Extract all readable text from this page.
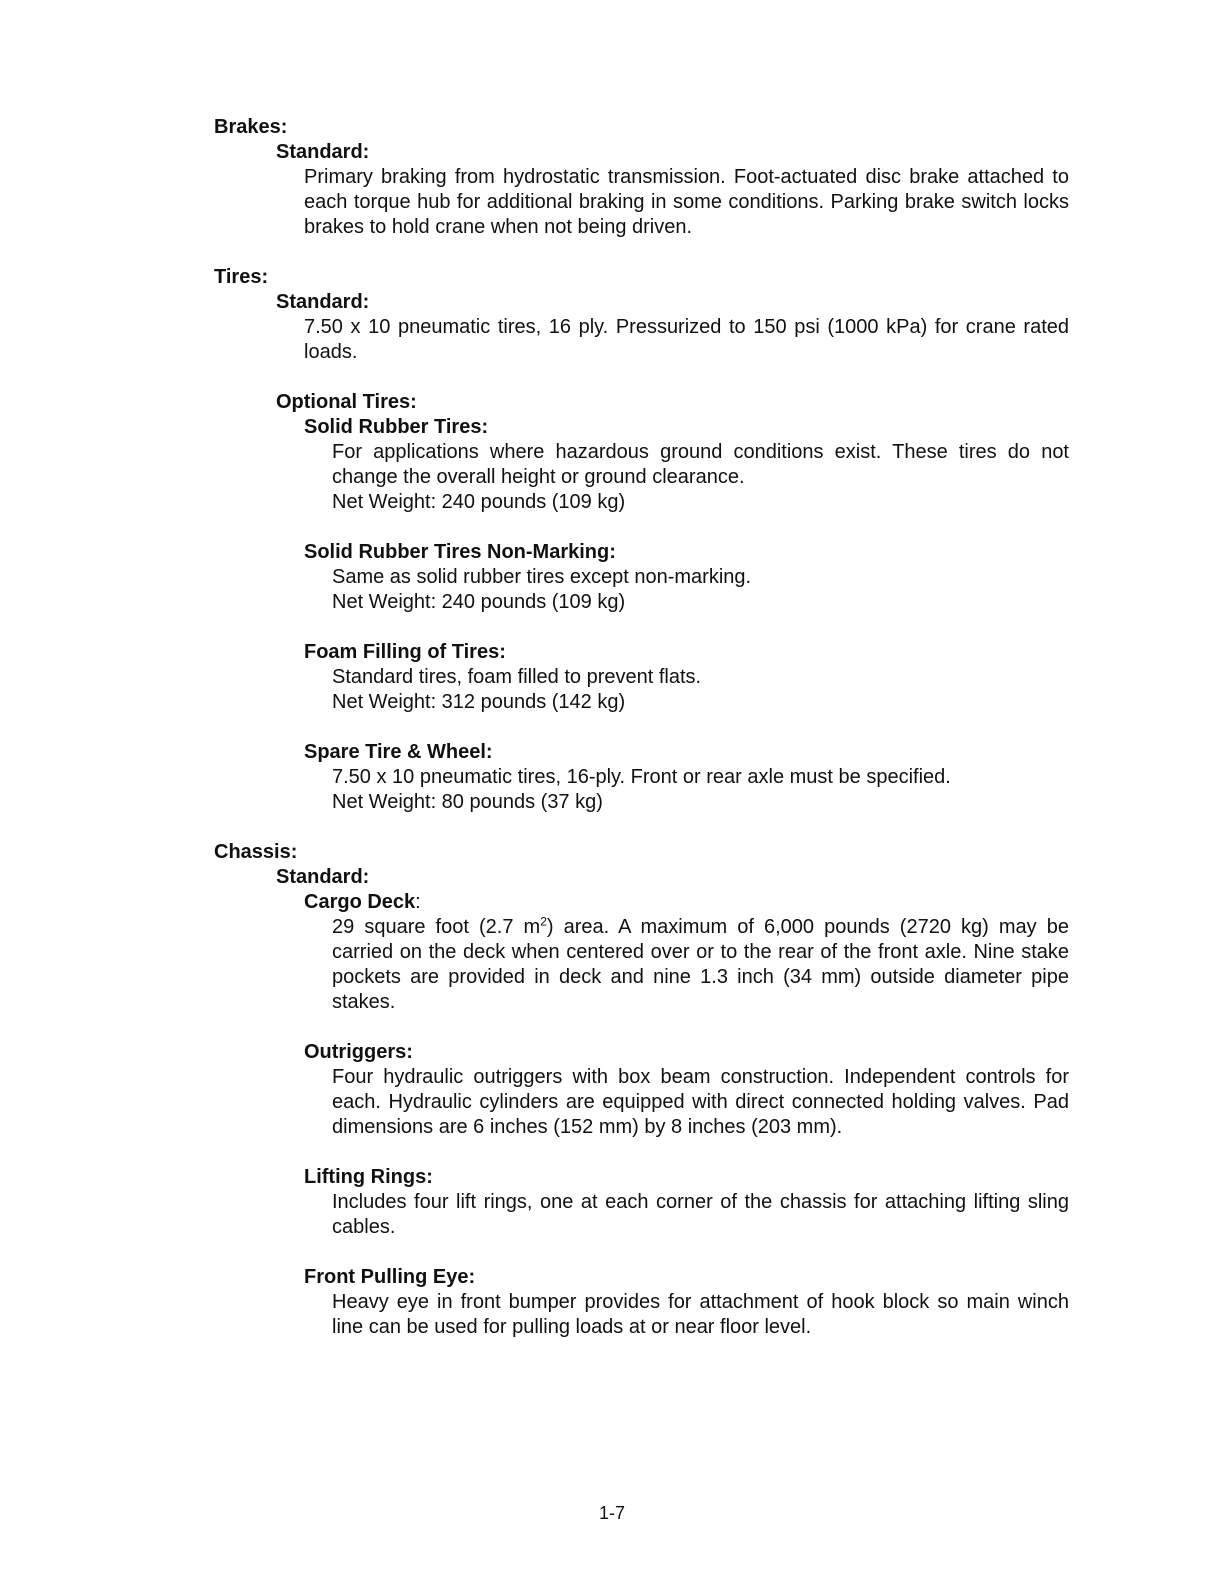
Brakes:

Standard:

Primary braking from hydrostatic transmission. Foot-actuated disc brake attached to each torque hub for additional braking in some conditions. Parking brake switch locks brakes to hold crane when not being driven.

Tires:

Standard:

7.50 x 10 pneumatic tires, 16 ply. Pressurized to 150 psi (1000 kPa) for crane rated loads.

Optional Tires:

Solid Rubber Tires:

For applications where hazardous ground conditions exist. These tires do not change the overall height or ground clearance.

Net Weight: 240 pounds (109 kg)

Solid Rubber Tires Non-Marking:

Same as solid rubber tires except non-marking.

Net Weight: 240 pounds (109 kg)

Foam Filling of Tires:

Standard tires, foam filled to prevent flats.

Net Weight: 312 pounds (142 kg)

Spare Tire & Wheel:

7.50 x 10 pneumatic tires, 16-ply. Front or rear axle must be specified.

Net Weight: 80 pounds (37 kg)

Chassis:

Standard:

Cargo Deck:

29 square foot (2.7 $m^2$) area. A maximum of 6,000 pounds (2720 kg) may be carried on the deck when centered over or to the rear of the front axle. Nine stake pockets are provided in deck and nine 1.3 inch (34 mm) outside diameter pipe stakes.

Outriggers:

Four hydraulic outriggers with box beam construction. Independent controls for each. Hydraulic cylinders are equipped with direct connected holding valves. Pad dimensions are 6 inches (152 mm) by 8 inches (203 mm).

Lifting Rings:

Includes four lift rings, one at each corner of the chassis for attaching lifting sling cables.

Front Pulling Eye:

Heavy eye in front bumper provides for attachment of hook block so main winch line can be used for pulling loads at or near floor level.

1-7
